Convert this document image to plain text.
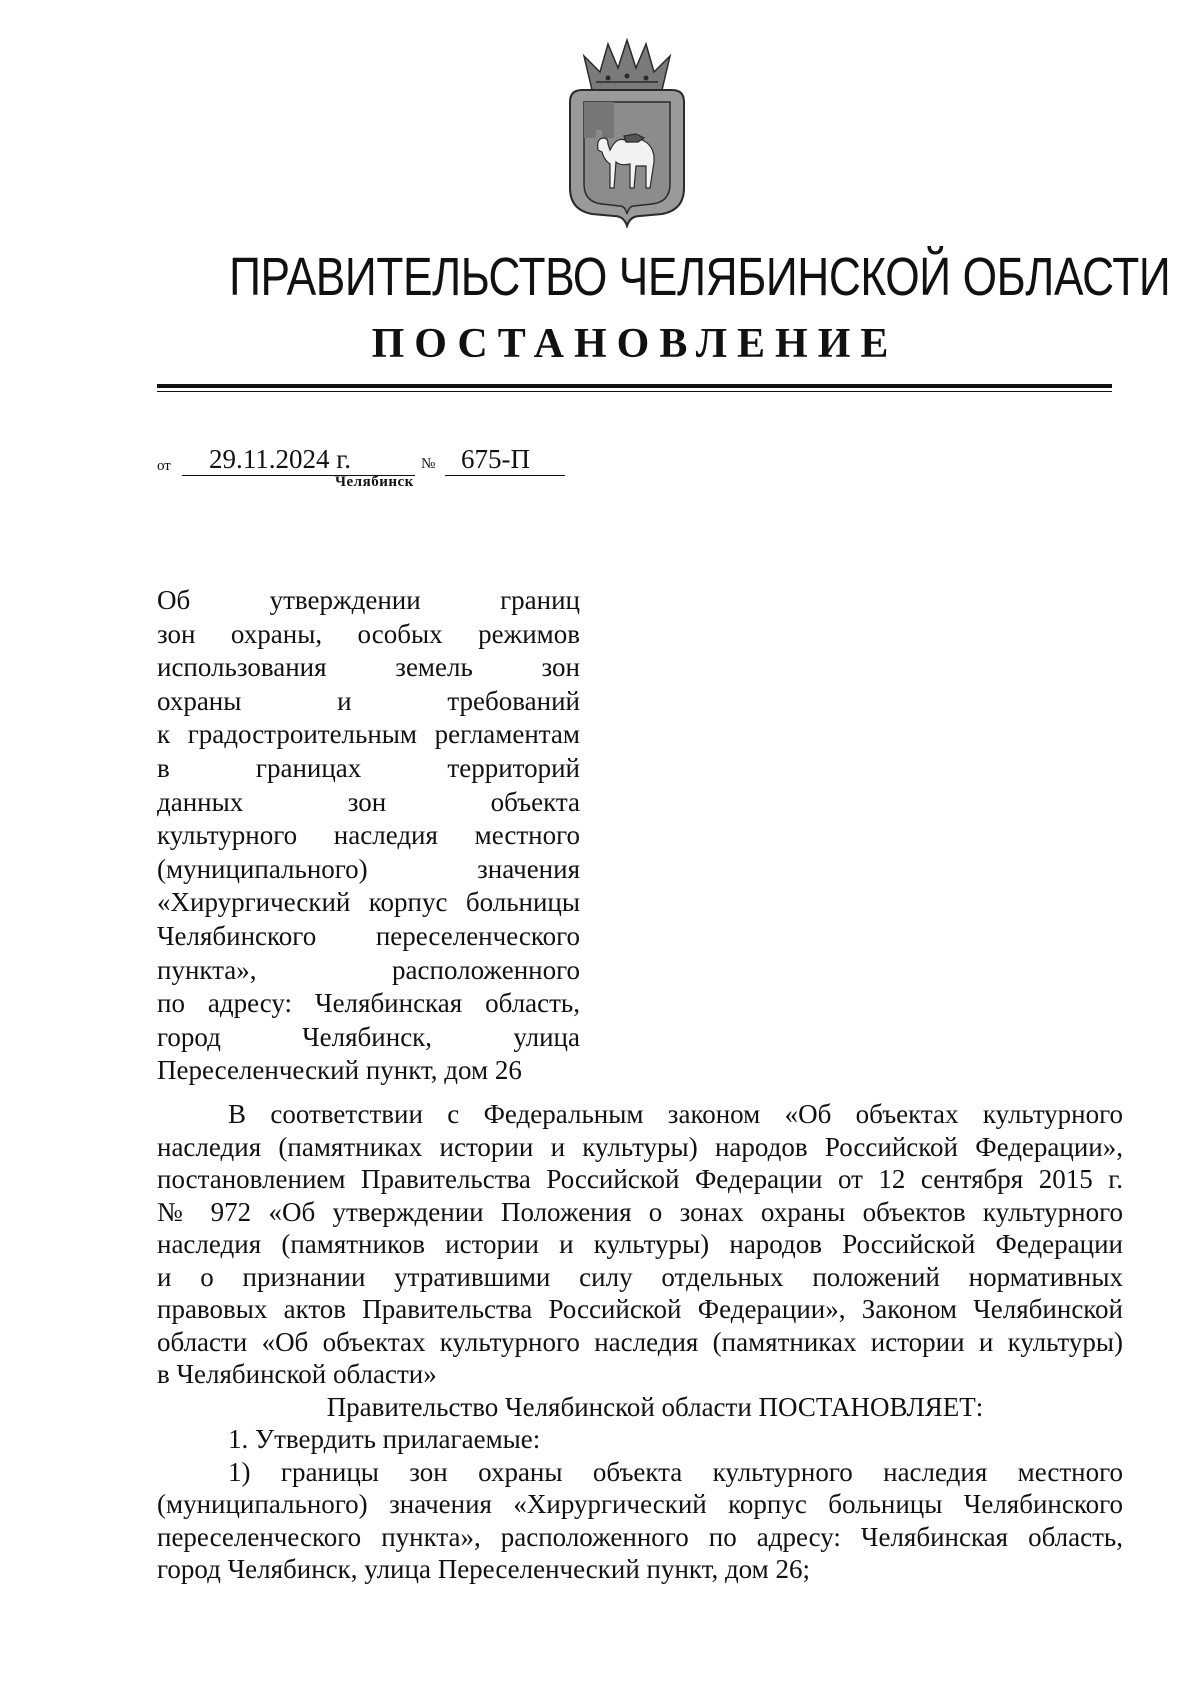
ПРАВИТЕЛЬСТВО ЧЕЛЯБИНСКОЙ ОБЛАСТИ
ПОСТАНОВЛЕНИЕ
от 29.11.2024 г.	№ 675-П
Челябинск
Об утверждении границ
зон охраны, особых режимов
использования земель зон
охраны и требований
к градостроительным регламентам
в границах территорий
данных зон объекта
культурного наследия местного
(муниципального) значения
«Хирургический корпус больницы
Челябинского переселенческого
пункта», расположенного
по адресу: Челябинская область,
город Челябинск, улица
Переселенческий пункт, дом 26
В соответствии с Федеральным законом «Об объектах культурного
наследия (памятниках истории и культуры) народов Российской Федерации»,
постановлением Правительства Российской Федерации от 12 сентября 2015 г.
№ 972 «Об утверждении Положения о зонах охраны объектов культурного
наследия (памятников истории и культуры) народов Российской Федерации
и о признании утратившими силу отдельных положений нормативных
правовых актов Правительства Российской Федерации», Законом Челябинской
области «Об объектах культурного наследия (памятниках истории и культуры)
в Челябинской области»
Правительство Челябинской области ПОСТАНОВЛЯЕТ:
1. Утвердить прилагаемые:
1) границы зон охраны объекта культурного наследия местного
(муниципального) значения «Хирургический корпус больницы Челябинского
переселенческого пункта», расположенного по адресу: Челябинская область,
город Челябинск, улица Переселенческий пункт, дом 26;
